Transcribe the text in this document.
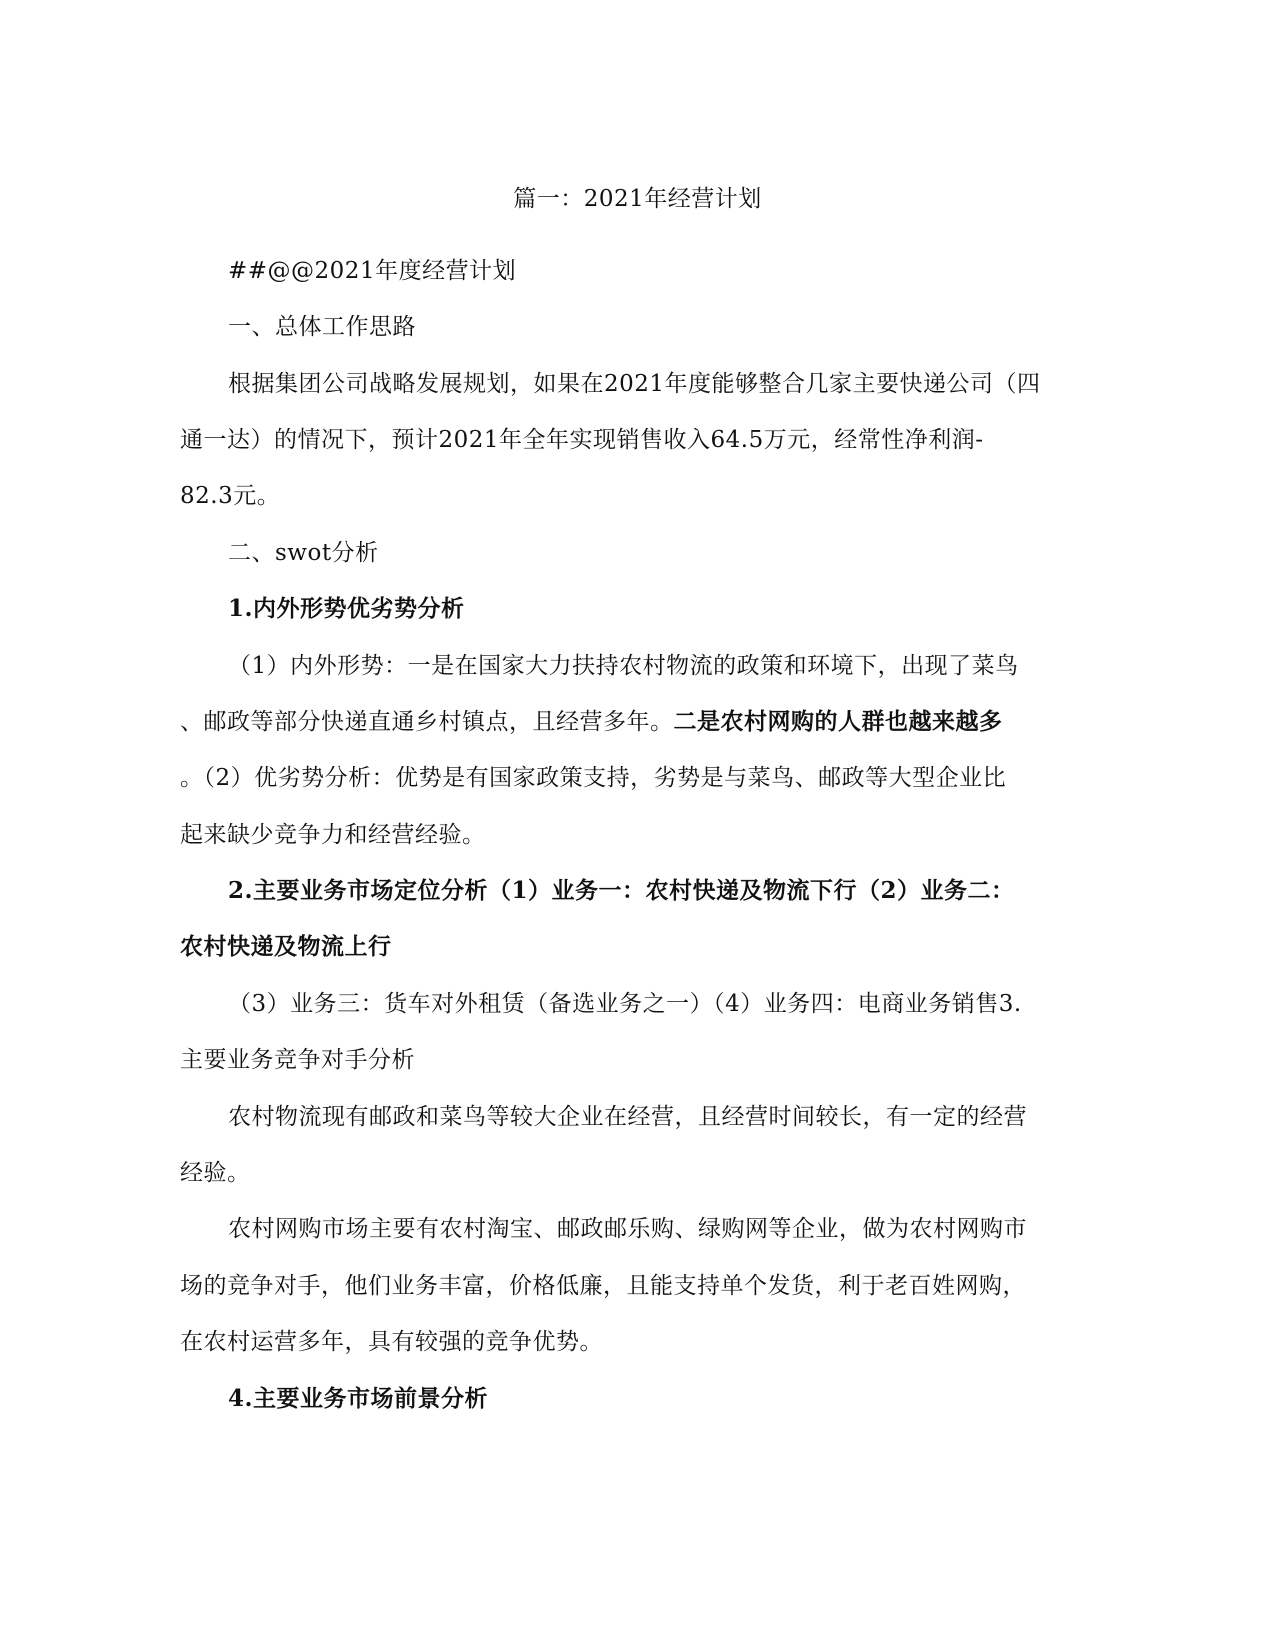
篇一：2021年经营计划
##@@2021年度经营计划
一、总体工作思路
根据集团公司战略发展规划，如果在2021年度能够整合几家主要快递公司（四
通一达）的情况下，预计2021年全年实现销售收入64.5万元，经常性净利润-
82.3元。
二、swot分析
1.内外形势优劣势分析
（1）内外形势：一是在国家大力扶持农村物流的政策和环境下，出现了菜鸟
、邮政等部分快递直通乡村镇点，且经营多年。二是农村网购的人群也越来越多
。（2）优劣势分析：优势是有国家政策支持，劣势是与菜鸟、邮政等大型企业比
起来缺少竞争力和经营经验。
2.主要业务市场定位分析（1）业务一：农村快递及物流下行（2）业务二：
农村快递及物流上行
（3）业务三：货车对外租赁（备选业务之一）（4）业务四：电商业务销售3.
主要业务竞争对手分析
农村物流现有邮政和菜鸟等较大企业在经营，且经营时间较长，有一定的经营
经验。
农村网购市场主要有农村淘宝、邮政邮乐购、绿购网等企业，做为农村网购市
场的竞争对手，他们业务丰富，价格低廉，且能支持单个发货，利于老百姓网购，
在农村运营多年，具有较强的竞争优势。
4.主要业务市场前景分析
